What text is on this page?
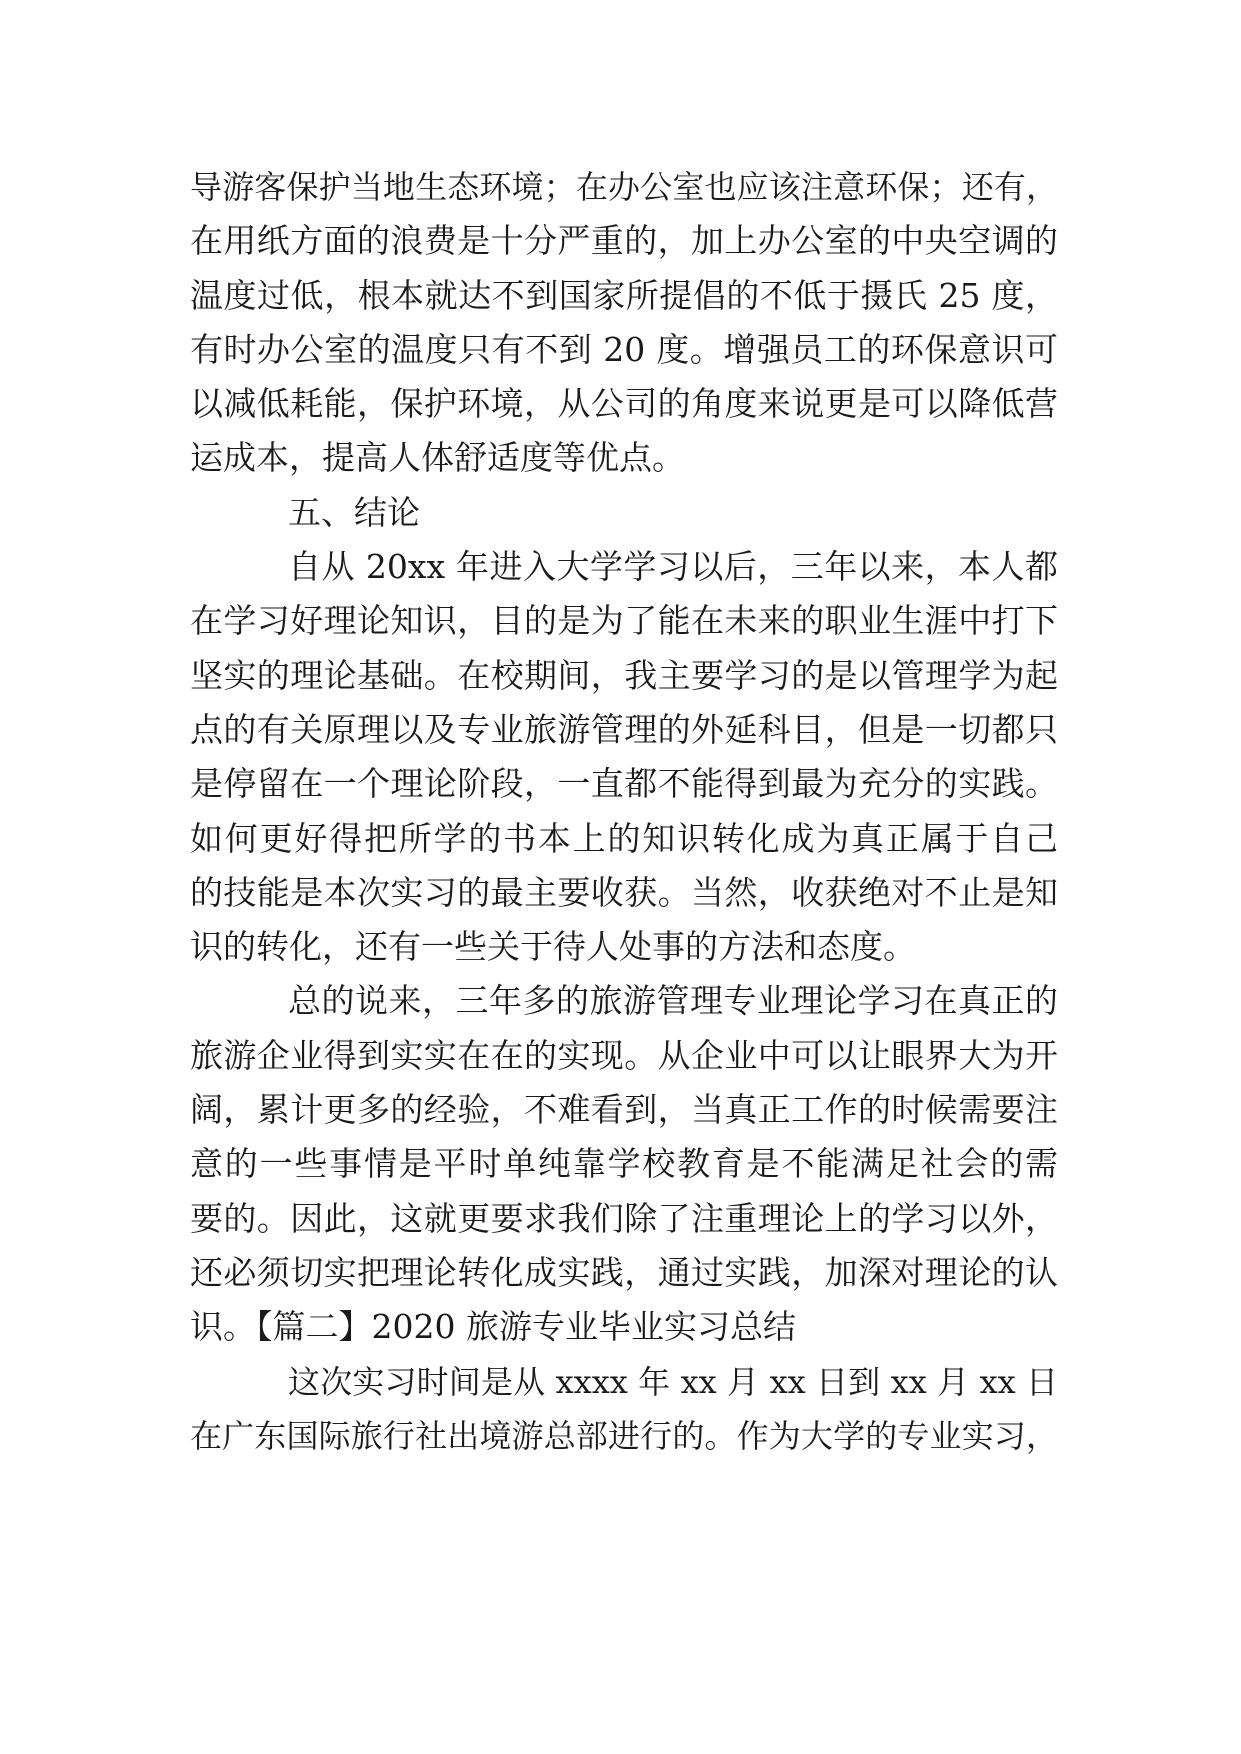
导游客保护当地生态环境；在办公室也应该注意环保；还有，
在用纸方面的浪费是十分严重的，加上办公室的中央空调的
温度过低，根本就达不到国家所提倡的不低于摄氏 25 度，
有时办公室的温度只有不到 20 度。增强员工的环保意识可
以减低耗能，保护环境，从公司的角度来说更是可以降低营
运成本，提高人体舒适度等优点。
五、结论
自从 20xx 年进入大学学习以后，三年以来，本人都
在学习好理论知识，目的是为了能在未来的职业生涯中打下
坚实的理论基础。在校期间，我主要学习的是以管理学为起
点的有关原理以及专业旅游管理的外延科目，但是一切都只
是停留在一个理论阶段，一直都不能得到最为充分的实践。
如何更好得把所学的书本上的知识转化成为真正属于自己
的技能是本次实习的最主要收获。当然，收获绝对不止是知
识的转化，还有一些关于待人处事的方法和态度。
总的说来，三年多的旅游管理专业理论学习在真正的
旅游企业得到实实在在的实现。从企业中可以让眼界大为开
阔，累计更多的经验，不难看到，当真正工作的时候需要注
意的一些事情是平时单纯靠学校教育是不能满足社会的需
要的。因此，这就更要求我们除了注重理论上的学习以外，
还必须切实把理论转化成实践，通过实践，加深对理论的认
识。【篇二】2020 旅游专业毕业实习总结
这次实习时间是从 xxxx 年 xx 月 xx 日到 xx 月 xx 日
在广东国际旅行社出境游总部进行的。作为大学的专业实习，
